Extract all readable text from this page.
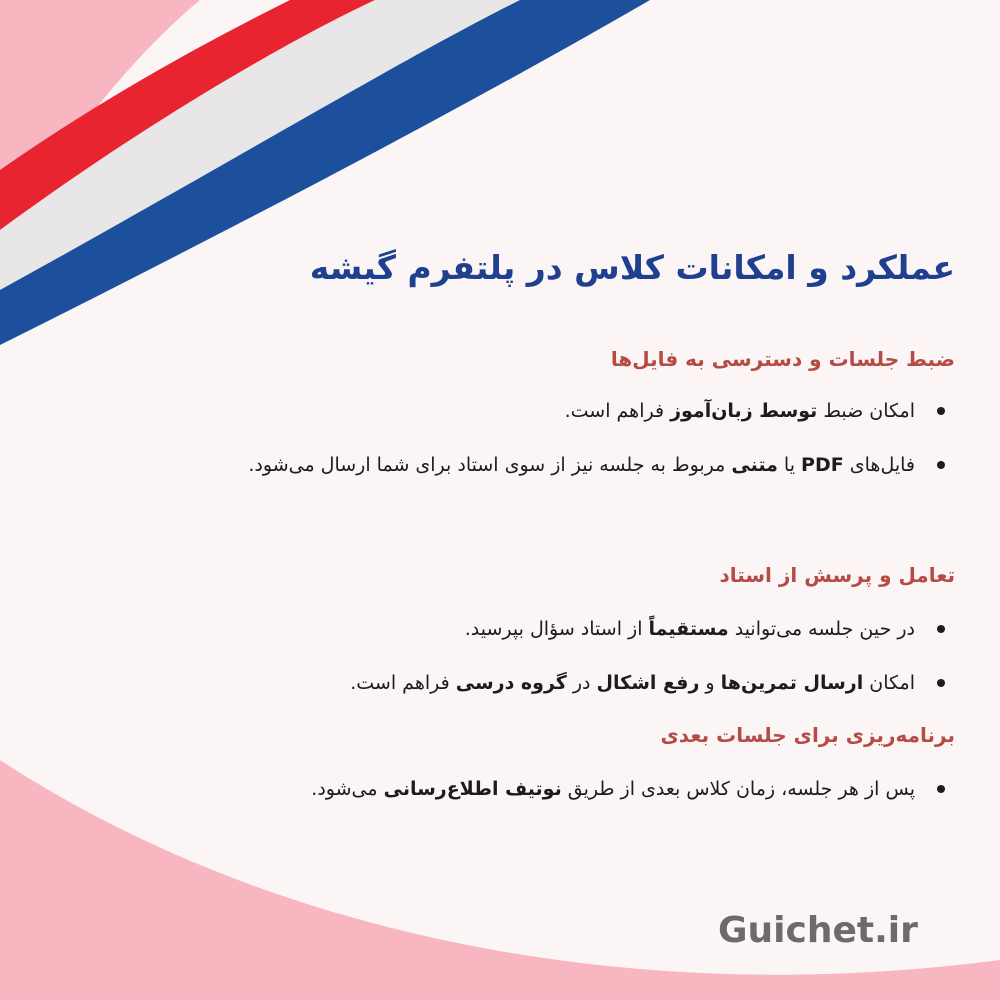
عملکرد و امکانات کلاس در پلتفرم گیشه
ضبط جلسات و دسترسی به فایل‌ها
امکان ضبط توسط زبان‌آموز فراهم است.
فایل‌های PDF یا متنی مربوط به جلسه نیز از سوی استاد برای شما ارسال می‌شود.
تعامل و پرسش از استاد
در حین جلسه می‌توانید مستقیماً از استاد سؤال بپرسید.
امکان ارسال تمرین‌ها و رفع اشکال در گروه درسی فراهم است.
برنامه‌ریزی برای جلسات بعدی
پس از هر جلسه، زمان کلاس بعدی از طریق نوتیف اطلاع‌رسانی می‌شود.
Guichet.ir
